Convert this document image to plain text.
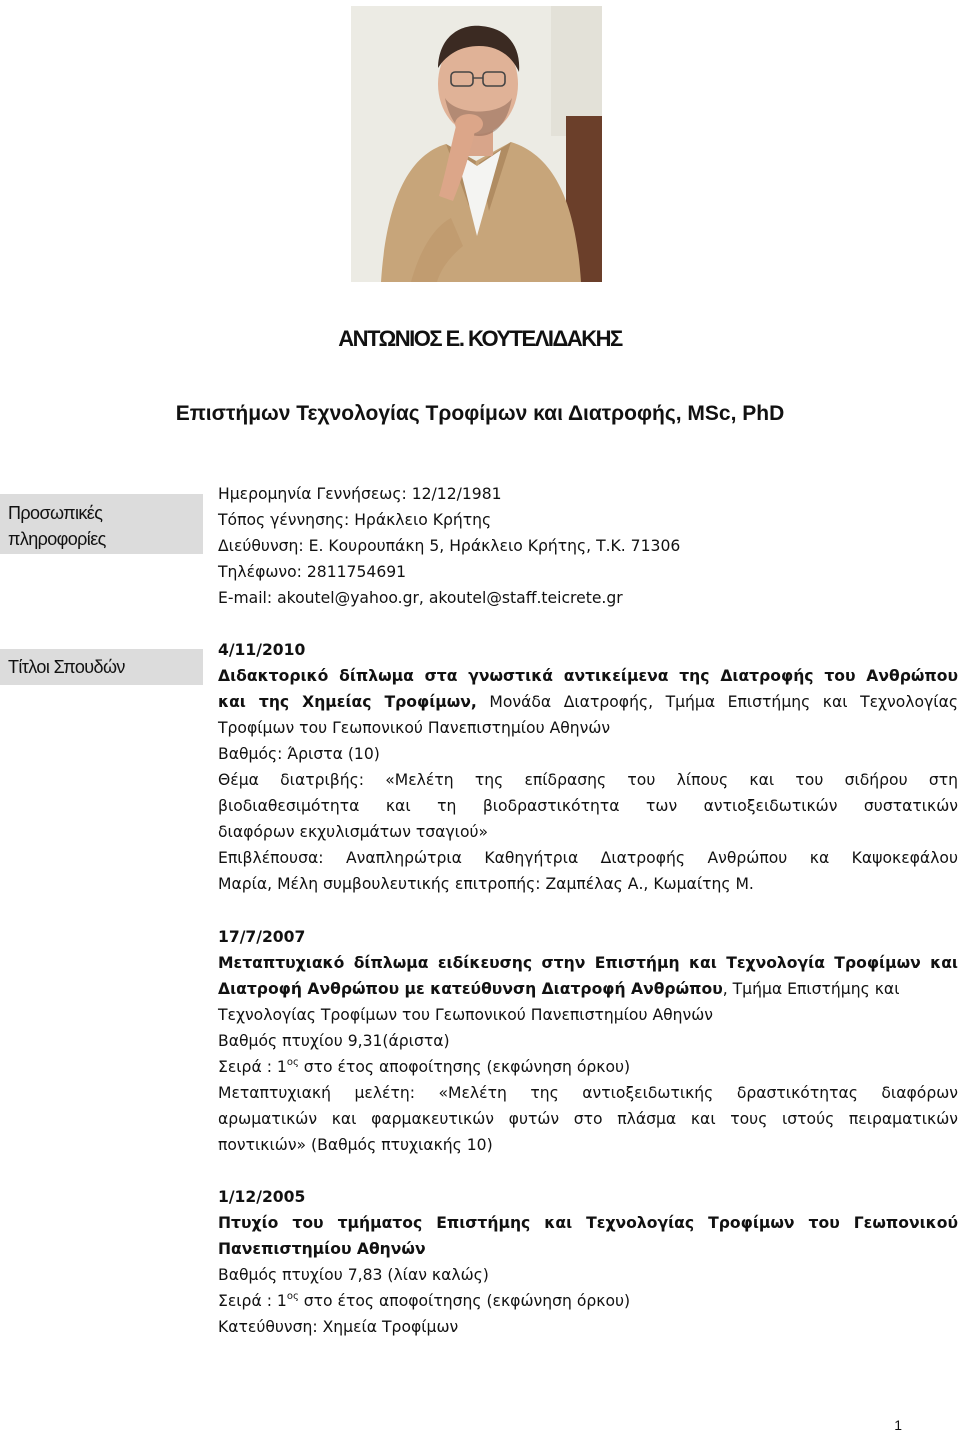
ΑΝΤΩΝΙΟΣ Ε. ΚΟΥΤΕΛΙΔΑΚΗΣ
Επιστήμων Τεχνολογίας Τροφίμων και Διατροφής, MSc, PhD
Προσωπικές
πληροφορίες

Ημερομηνία Γεννήσεως: 12/12/1981

Τόπος γέννησης: Ηράκλειο Κρήτης

Διεύθυνση: Ε. Κουρουπάκη 5, Ηράκλειο Κρήτης, Τ.Κ. 71306

Τηλέφωνο: 2811754691

E-mail: akoutel@yahoo.gr, akoutel@staff.teicrete.gr

Τίτλοι Σπουδών

4/11/2010

Διδακτορικό δίπλωμα στα γνωστικά αντικείμενα της Διατροφής του Ανθρώπου

και της Χημείας Τροφίμων, Μονάδα Διατροφής, Τμήμα Επιστήμης και Τεχνολογίας

Τροφίμων του Γεωπονικού Πανεπιστημίου Αθηνών

Βαθμός: Άριστα (10)

Θέμα διατριβής: «Μελέτη της επίδρασης του λίπους και του σιδήρου στη

βιοδιαθεσιμότητα και τη βιοδραστικότητα των αντιοξειδωτικών συστατικών

διαφόρων εκχυλισμάτων τσαγιού»

Επιβλέπουσα: Αναπληρώτρια Καθηγήτρια Διατροφής Ανθρώπου κα Καψοκεφάλου

Μαρία, Μέλη συμβουλευτικής επιτροπής: Ζαμπέλας Α., Κωμαίτης Μ.

17/7/2007

Μεταπτυχιακό δίπλωμα ειδίκευσης στην Επιστήμη και Τεχνολογία Τροφίμων και

Διατροφή Ανθρώπου με κατεύθυνση Διατροφή Ανθρώπου, Τμήμα Επιστήμης και

Τεχνολογίας Τροφίμων του Γεωπονικού Πανεπιστημίου Αθηνών

Βαθμός πτυχίου 9,31(άριστα)

Σειρά : $1^{o\varsigma}$ στο έτος αποφοίτησης (εκφώνηση όρκου)

Μεταπτυχιακή μελέτη: «Μελέτη της αντιοξειδωτικής δραστικότητας διαφόρων

αρωματικών και φαρμακευτικών φυτών στο πλάσμα και τους ιστούς πειραματικών

ποντικιών» (Βαθμός πτυχιακής 10)

1/12/2005

Πτυχίο του τμήματος Επιστήμης και Τεχνολογίας Τροφίμων του Γεωπονικού

Πανεπιστημίου Αθηνών

Βαθμός πτυχίου 7,83 (λίαν καλώς)

Σειρά : $1^{o\varsigma}$ στο έτος αποφοίτησης (εκφώνηση όρκου)

Κατεύθυνση: Χημεία Τροφίμων

1
